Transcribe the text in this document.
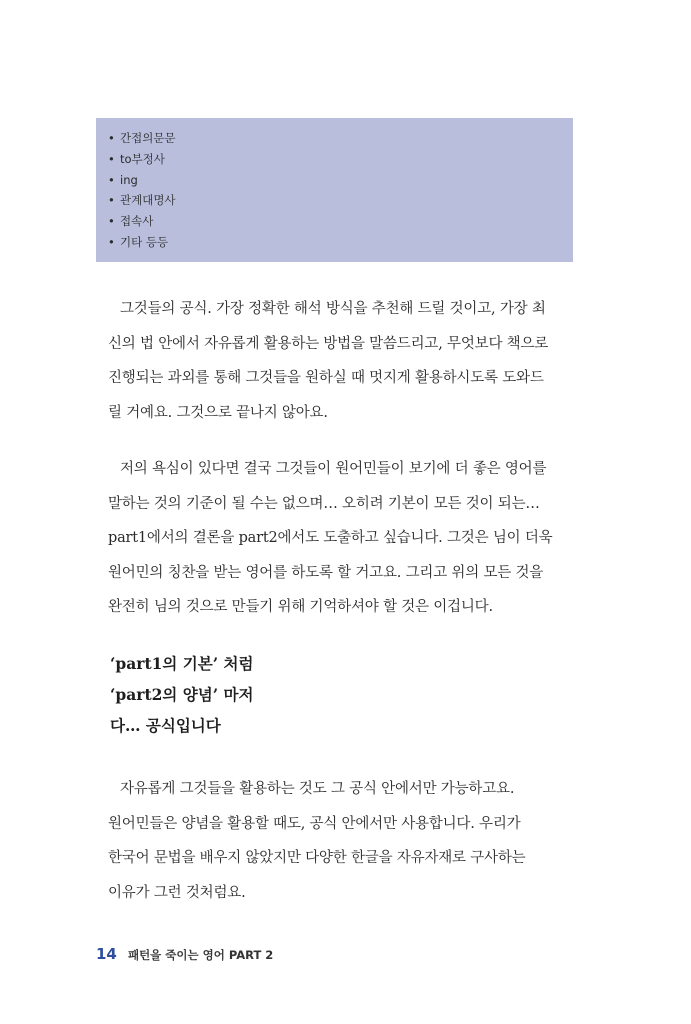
• 간접의문문
• to부정사
• ing
• 관계대명사
• 접속사
• 기타 등등
그것들의 공식. 가장 정확한 해석 방식을 추천해 드릴 것이고, 가장 최
신의 법 안에서 자유롭게 활용하는 방법을 말씀드리고, 무엇보다 책으로
진행되는 과외를 통해 그것들을 원하실 때 멋지게 활용하시도록 도와드
릴 거예요. 그것으로 끝나지 않아요.
저의 욕심이 있다면 결국 그것들이 원어민들이 보기에 더 좋은 영어를
말하는 것의 기준이 될 수는 없으며… 오히려 기본이 모든 것이 되는…
part1에서의 결론을 part2에서도 도출하고 싶습니다. 그것은 님이 더욱
원어민의 칭찬을 받는 영어를 하도록 할 거고요. 그리고 위의 모든 것을
완전히 님의 것으로 만들기 위해 기억하셔야 할 것은 이겁니다.
‘part1의 기본’ 처럼
‘part2의 양념’ 마저
다… 공식입니다
자유롭게 그것들을 활용하는 것도 그 공식 안에서만 가능하고요.
원어민들은 양념을 활용할 때도, 공식 안에서만 사용합니다. 우리가
한국어 문법을 배우지 않았지만 다양한 한글을 자유자재로 구사하는
이유가 그런 것처럼요.
14 패턴을 죽이는 영어 PART 2
